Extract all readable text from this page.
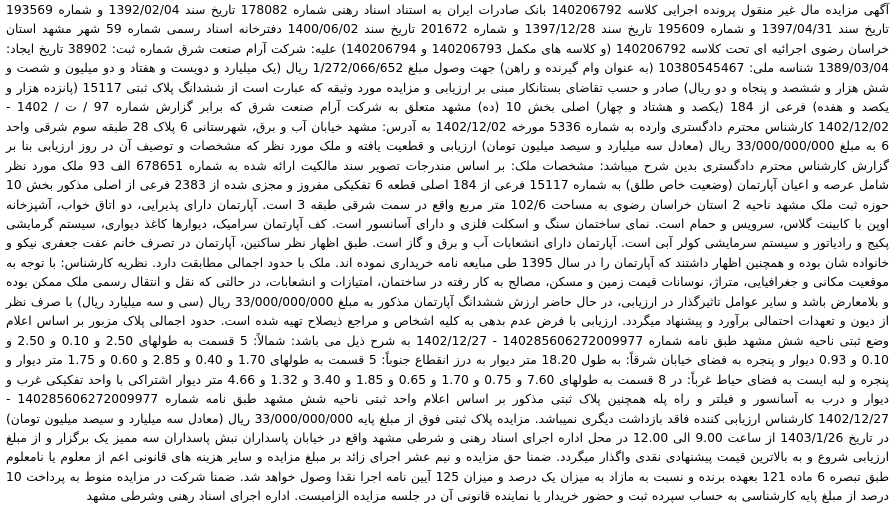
آگهی مزایده مال غیر منقول پرونده اجرایی کلاسه 140206792 بانک صادرات ایران به استناد اسناد رهنی شماره 178082 تاریخ سند 1392/02/04 و شماره 193569 تاریخ سند 1397/04/31 و شماره 195609 تاریخ سند 1397/12/28 و شماره 201672 تاریخ سند 1400/06/02 دفترخانه اسناد رسمی شماره 59 شهر مشهد استان خراسان رضوی اجرائیه ای تحت کلاسه 140206792 (و کلاسه های مکمل 140206793 و 140206794) علیه: شرکت آرام صنعت شرق شماره ثبت: 38902 تاریخ ایجاد: 1389/03/04 شناسه ملی: 10380545467 (به عنوان وام گیرنده و راهن) جهت وصول مبلغ 1/272/066/652 ریال (یک میلیارد و دویست و هفتاد و دو میلیون و شصت و شش هزار و ششصد و پنجاه و دو ریال) صادر و حسب تقاضای بستانکار مبنی بر ارزیابی و مزایده مورد وثیقه که عبارت است از ششدانگ پلاک ثبتی 15117 (پانزده هزار و یکصد و هفده) فرعی از 184 (یکصد و هشتاد و چهار) اصلی بخش 10 (ده) مشهد متعلق به شرکت آرام صنعت شرق که برابر گزارش شماره 97 / ت / 1402 - 1402/12/02 کارشناس محترم دادگستری وارده به شماره 5336 مورخه 1402/12/02 به آدرس: مشهد خیابان آب و برق، شهرستانی 6 پلاک 28 طبقه سوم شرقی واحد 6 به مبلغ 33/000/000/000 ریال (معادل سه میلیارد و سیصد میلیون تومان) ارزیابی و قطعیت یافته و ملک مورد نظر که مشخصات و توصیف آن در روز ارزیابی بنا بر گزارش کارشناس محترم دادگستری بدین شرح میباشد: مشخصات ملک: بر اساس مندرجات تصویر سند مالکیت ارائه شده به شماره 678651 الف 93 ملک مورد نظر شامل عرصه و اعیان آپارتمان (وضعیت خاص طلق) به شماره 15117 فرعی از 184 اصلی قطعه 6 تفکیکی مفروز و مجزی شده از 2383 فرعی از اصلی مذکور بخش 10 حوزه ثبت ملک مشهد ناحیه 2 استان خراسان رضوی به مساحت 102/6 متر مربع واقع در سمت شرقی طبقه 3 است. آپارتمان دارای پذیرایی، دو اتاق خواب، آشپزخانه اوپن با کابینت گلاس، سرویس و حمام است. نمای ساختمان سنگ و اسکلت فلزی و دارای آسانسور است. کف آپارتمان سرامیک، دیوارها کاغذ دیواری، سیستم گرمایشی پکیج و رادیاتور و سیستم سرمایشی کولر آبی است. آپارتمان دارای انشعابات آب و برق و گاز است. طبق اظهار نظر ساکنین، آپارتمان در تصرف خانم عفت جعفری نیکو و خانواده شان بوده و همچنین اظهار داشتند که آپارتمان را در سال 1395 طی مبایعه نامه خریداری نموده اند. ملک با حدود اجمالی مطابقت دارد. نظریه کارشناس: با توجه به موقعیت مکانی و جغرافیایی، متراژ، نوسانات قیمت زمین و مسکن، مصالح به کار رفته در ساختمان، امتیازات و انشعابات، در حالتی که نقل و انتقال رسمی ملک ممکن بوده و بلامعارض باشد و سایر عوامل تاثیرگذار در ارزیابی، در حال حاضر ارزش ششدانگ آپارتمان مذکور به مبلغ 33/000/000/000 ریال (سی و سه میلیارد ریال) با صرف نظر از دیون و تعهدات احتمالی برآورد و پیشنهاد میگردد. ارزیابی با فرض عدم بدهی به کلیه اشخاص و مراجع ذیصلاح تهیه شده است. حدود اجمالی پلاک مزبور بر اساس اعلام وضع ثبتی ناحیه شش مشهد طبق نامه شماره 140285606272009977 - 1402/12/27 به شرح ذیل می باشد: شمالاً: 5 قسمت به طولهای 2.50 و 0.10 و 2.50 و 0.10 و 0.93 دیوار و پنجره به فضای خیابان شرقاً: به طول 18.20 متر دیوار به درز انقطاع جنوباً: 5 قسمت به طولهای 1.70 و 0.40 و 2.85 و 0.60 و 1.75 متر دیوار و پنجره و لبه ایست به فضای حیاط غرباً: در 8 قسمت به طولهای 7.60 و 0.75 و 1.70 و 0.65 و 1.85 و 3.40 و 1.32 و 4.66 متر دیوار اشتراکی با واحد تفکیکی غرب و دیوار و درب به آسانسور و فیلتر و راه پله همچنین پلاک ثبتی مذکور بر اساس اعلام واحد ثبتی ناحیه شش مشهد طبق نامه شماره 140285606272009977 - 1402/12/27 کارشناس ارزیابی کننده فاقد بازداشت دیگری نمیباشد. مزایده پلاک ثبتی فوق از مبلغ پایه 33/000/000/000 ریال (معادل سه میلیارد و سیصد میلیون تومان) در تاریخ 1403/1/26 از ساعت 9.00 الی 12.00 در محل اداره اجرای اسناد رهنی و شرطی مشهد واقع در خیابان پاسداران نبش پاسداران سه ممیز یک برگزار و از مبلغ ارزیابی شروع و به بالاترین قیمت پیشنهادی نقدی واگذار میگردد. ضمنا حق مزایده و نیم عشر اجرای زائد بر مبلغ مزایده و سایر هزینه های قانونی اعم از معلوم یا نامعلوم طبق تبصره 6 ماده 121 بعهده برنده و نسبت به مازاد به میزان یک درصد و میزان 125 آیین نامه اجرا نقدا وصول خواهد شد. ضمنا شرکت در مزایده منوط به پرداخت 10 درصد از مبلغ پایه کارشناسی به حساب سپرده ثبت و حضور خریدار یا نماینده قانونی آن در جلسه مزایده الزامیست. اداره اجرای اسناد رهنی وشرطی مشهد
